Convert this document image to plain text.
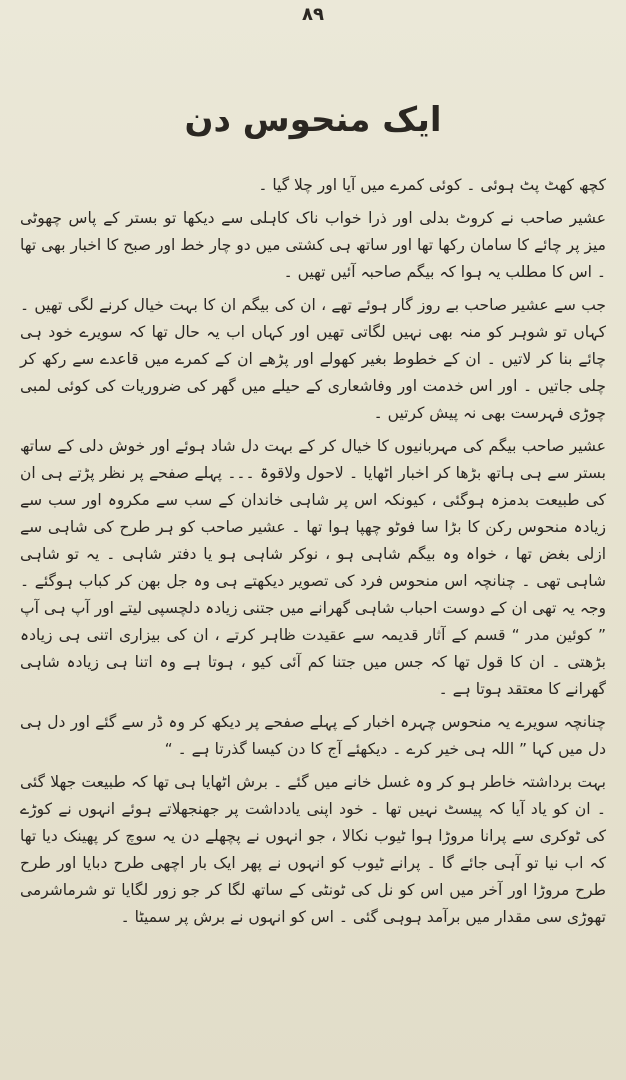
٨٩
ایک منحوس دن

کچھ کھٹ پٹ ہوئی ۔ کوئی کمرے میں آیا اور چلا گیا ۔

عشیر صاحب نے کروٹ بدلی اور ذرا خواب ناک کاہلی سے دیکھا تو بستر کے پاس چھوٹی میز پر چائے کا سامان رکھا تھا اور ساتھ ہی کشتی میں دو چار خط اور صبح کا اخبار بھی تھا ۔ اس کا مطلب یہ ہوا کہ بیگم صاحبہ آئیں تھیں ۔

جب سے عشیر صاحب بے روز گار ہوئے تھے ، ان کی بیگم ان کا بہت خیال کرنے لگی تھیں ۔ کہاں تو شوہر کو منہ بھی نہیں لگاتی تھیں اور کہاں اب یہ حال تھا کہ سویرے خود ہی چائے بنا کر لاتیں ۔ ان کے خطوط بغیر کھولے اور پڑھے ان کے کمرے میں قاعدے سے رکھ کر چلی جاتیں ۔ اور اس خدمت اور وفاشعاری کے حیلے میں گھر کی ضروریات کی کوئی لمبی چوڑی فہرست بھی نہ پیش کرتیں ۔

عشیر صاحب بیگم کی مہربانیوں کا خیال کر کے بہت دل شاد ہوئے اور خوش دلی کے ساتھ بستر سے ہی ہاتھ بڑھا کر اخبار اٹھایا ۔ لاحول ولاقوۃ ۔۔۔ پہلے صفحے پر نظر پڑتے ہی ان کی طبیعت بدمزہ ہوگئی ، کیونکہ اس پر شاہی خاندان کے سب سے مکروہ اور سب سے زیادہ منحوس رکن کا بڑا سا فوٹو چھپا ہوا تھا ۔ عشیر صاحب کو ہر طرح کی شاہی سے ازلی بغض تھا ، خواہ وہ بیگم شاہی ہو ، نوکر شاہی ہو یا دفتر شاہی ۔ یہ تو شاہی شاہی تھی ۔ چنانچہ اس منحوس فرد کی تصویر دیکھتے ہی وہ جل بھن کر کباب ہوگئے ۔ وجہ یہ تھی ان کے دوست احباب شاہی گھرانے میں جتنی زیادہ دلچسپی لیتے اور آپ ہی آپ ” کوئین مدر “ قسم کے آثار قدیمہ سے عقیدت ظاہر کرتے ، ان کی بیزاری اتنی ہی زیادہ بڑھتی ۔ ان کا قول تھا کہ جس میں جتنا کم آئی کیو ، ہوتا ہے وہ اتنا ہی زیادہ شاہی گھرانے کا معتقد ہوتا ہے ۔

چنانچہ سویرے یہ منحوس چہرہ اخبار کے پہلے صفحے پر دیکھ کر وہ ڈر سے گئے اور دل ہی دل میں کہا ” اللہ ہی خیر کرے ۔ دیکھئے آج کا دن کیسا گذرتا ہے ۔ “

بہت برداشتہ خاطر ہو کر وہ غسل خانے میں گئے ۔ برش اٹھایا ہی تھا کہ طبیعت جھلا گئی ۔ ان کو یاد آیا کہ پیسٹ نہیں تھا ۔ خود اپنی یادداشت پر جھنجھلاتے ہوئے انہوں نے کوڑے کی ٹوکری سے پرانا مروڑا ہوا ٹیوب نکالا ، جو انہوں نے پچھلے دن یہ سوچ کر پھینک دیا تھا کہ اب نیا تو آہی جائے گا ۔ پرانے ٹیوب کو انہوں نے پھر ایک بار اچھی طرح دبایا اور طرح طرح مروڑا اور آخر میں اس کو نل کی ٹونٹی کے ساتھ لگا کر جو زور لگایا تو شرماشرمی تھوڑی سی مقدار میں برآمد ہوہی گئی ۔ اس کو انہوں نے برش پر سمیٹا ۔
